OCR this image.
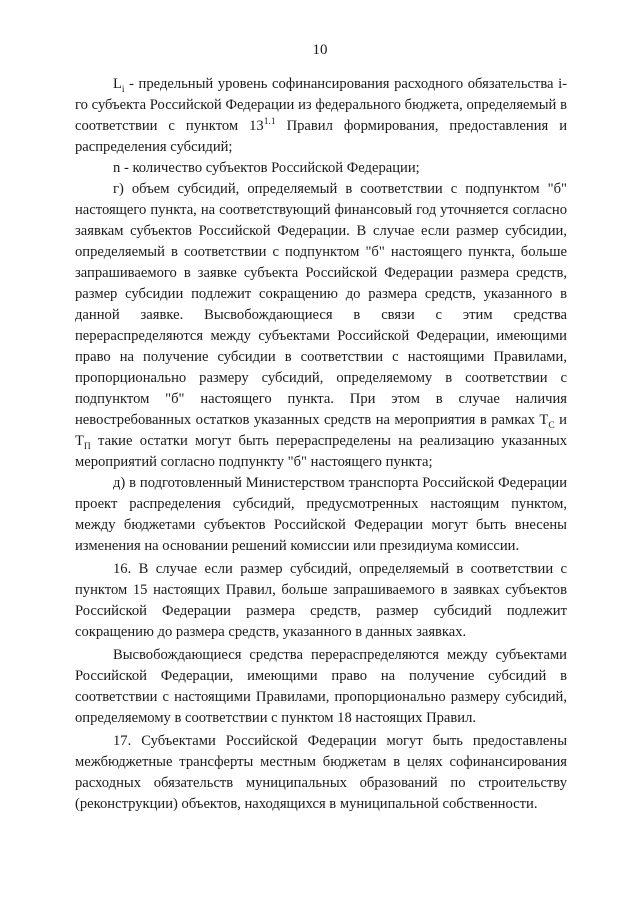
10

$L_i$ - предельный уровень софинансирования расходного обязательства i-го субъекта Российской Федерации из федерального бюджета, определяемый в соответствии с пунктом $13^{1.1}$ Правил формирования, предоставления и распределения субсидий;

n - количество субъектов Российской Федерации;

г) объем субсидий, определяемый в соответствии с подпунктом "б" настоящего пункта, на соответствующий финансовый год уточняется согласно заявкам субъектов Российской Федерации. В случае если размер субсидии, определяемый в соответствии с подпунктом "б" настоящего пункта, больше запрашиваемого в заявке субъекта Российской Федерации размера средств, размер субсидии подлежит сокращению до размера средств, указанного в данной заявке. Высвобождающиеся в связи с этим средства перераспределяются между субъектами Российской Федерации, имеющими право на получение субсидии в соответствии с настоящими Правилами, пропорционально размеру субсидий, определяемому в соответствии с подпунктом "б" настоящего пункта. При этом в случае наличия невостребованных остатков указанных средств на мероприятия в рамках $T_C$ и $T_П$ такие остатки могут быть перераспределены на реализацию указанных мероприятий согласно подпункту "б" настоящего пункта;

д) в подготовленный Министерством транспорта Российской Федерации проект распределения субсидий, предусмотренных настоящим пунктом, между бюджетами субъектов Российской Федерации могут быть внесены изменения на основании решений комиссии или президиума комиссии.

16. В случае если размер субсидий, определяемый в соответствии с пунктом 15 настоящих Правил, больше запрашиваемого в заявках субъектов Российской Федерации размера средств, размер субсидий подлежит сокращению до размера средств, указанного в данных заявках.

Высвобождающиеся средства перераспределяются между субъектами Российской Федерации, имеющими право на получение субсидий в соответствии с настоящими Правилами, пропорционально размеру субсидий, определяемому в соответствии с пунктом 18 настоящих Правил.

17. Субъектами Российской Федерации могут быть предоставлены межбюджетные трансферты местным бюджетам в целях софинансирования расходных обязательств муниципальных образований по строительству (реконструкции) объектов, находящихся в муниципальной собственности.
